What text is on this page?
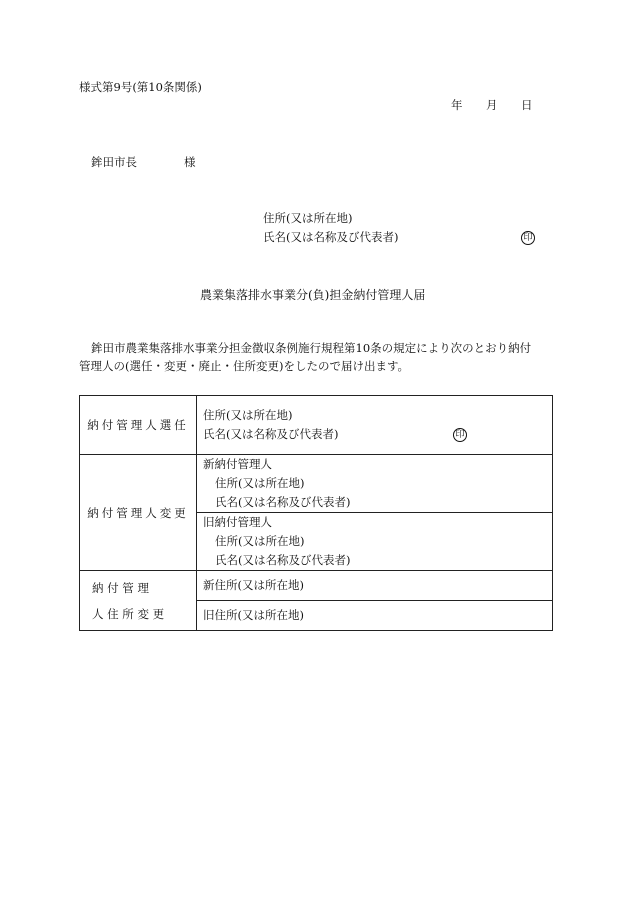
様式第9号(第10条関係)
年 月 日
鉾田市長	様
住所(又は所在地)
氏名(又は名称及び代表者)	印
農業集落排水事業分(負)担金納付管理人届
鉾田市農業集落排水事業分担金徴収条例施行規程第10条の規定により次のとおり納付
管理人の(選任・変更・廃止・住所変更)をしたので届け出ます。
納付管理人選任	住所(又は所在地)
氏名(又は名称及び代表者) 印

納付管理人変更	新納付管理人
住所(又は所在地)
氏名(又は名称及び代表者)

	旧納付管理人
住所(又は所在地)
氏名(又は名称及び代表者)

納 付 管 理
人 住 所 変 更	新住所(又は所在地)

	旧住所(又は所在地)
